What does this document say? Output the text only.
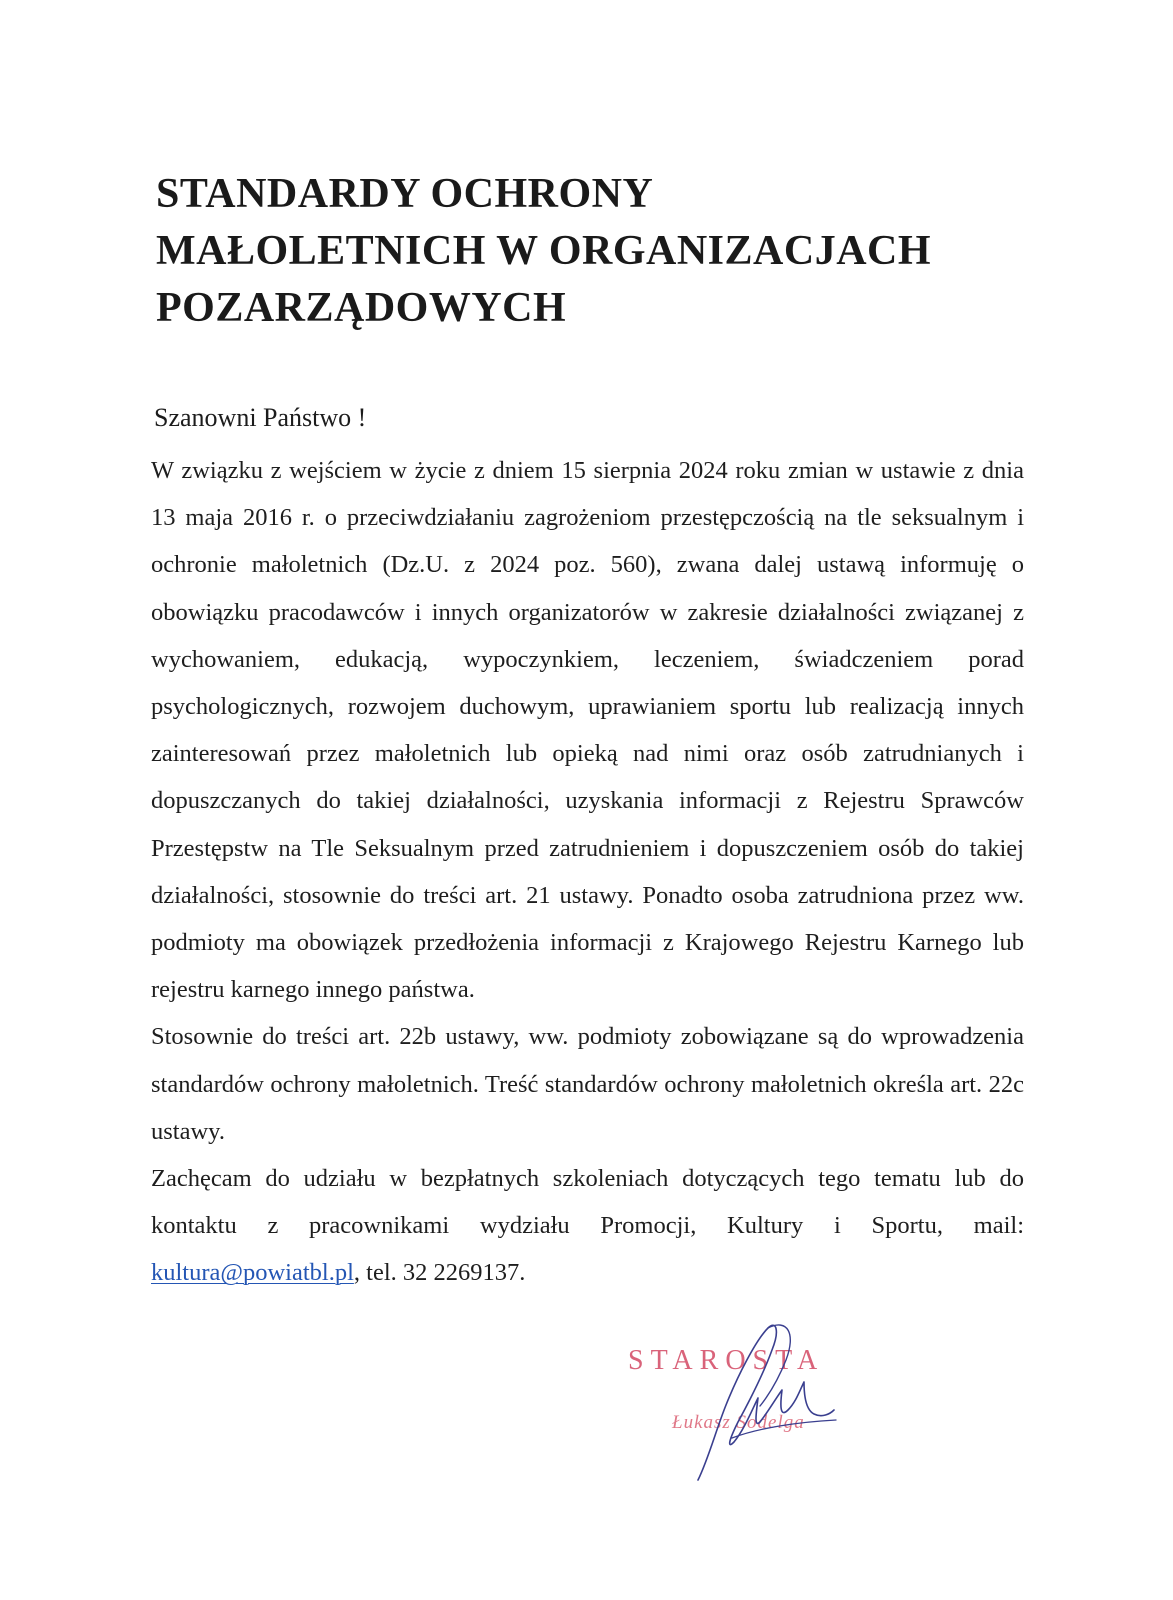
STANDARDY OCHRONY
MAŁOLETNICH W ORGANIZACJACH
POZARZĄDOWYCH

Szanowni Państwo !

W związku z wejściem w życie z dniem 15 sierpnia 2024 roku zmian w ustawie z dnia 13 maja 2016 r. o przeciwdziałaniu zagrożeniom przestępczością na tle seksualnym i ochronie małoletnich (Dz.U. z 2024 poz. 560), zwana dalej ustawą informuję o obowiązku pracodawców i innych organizatorów w zakresie działalności związanej z wychowaniem, edukacją, wypoczynkiem, leczeniem, świadczeniem porad psychologicznych, rozwojem duchowym, uprawianiem sportu lub realizacją innych zainteresowań przez małoletnich lub opieką nad nimi oraz osób zatrudnianych i dopuszczanych do takiej działalności, uzyskania informacji z Rejestru Sprawców Przestępstw na Tle Seksualnym przed zatrudnieniem i dopuszczeniem osób do takiej działalności, stosownie do treści art. 21 ustawy. Ponadto osoba zatrudniona przez ww. podmioty ma obowiązek przedłożenia informacji z Krajowego Rejestru Karnego lub rejestru karnego innego państwa.

Stosownie do treści art. 22b ustawy, ww. podmioty zobowiązane są do wprowadzenia standardów ochrony małoletnich. Treść standardów ochrony małoletnich określa art. 22c ustawy.

Zachęcam do udziału w bezpłatnych szkoleniach dotyczących tego tematu lub do kontaktu z pracownikami wydziału Promocji, Kultury i Sportu, mail: kultura@powiatbl.pl, tel. 32 2269137.

STAROSTA

Łukasz Sodelga
